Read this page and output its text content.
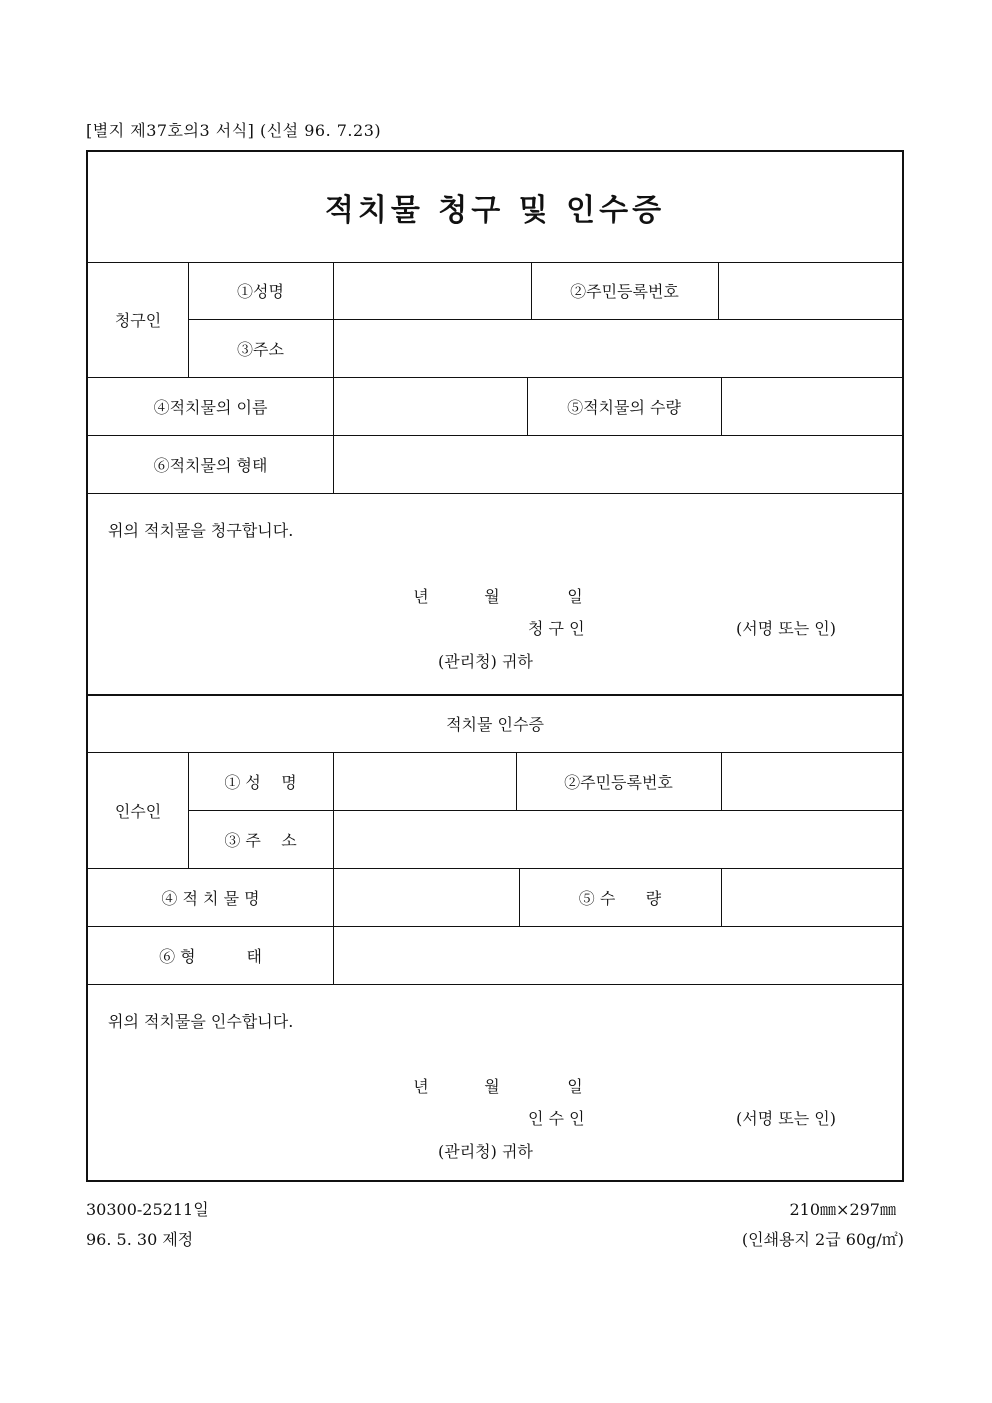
[별지 제37호의3 서식] (신설 96. 7.23)
적치물 청구 및 인수증
청구인
①성명	②주민등록번호
③주소
④적치물의 이름	⑤적치물의 수량
⑥적치물의 형태
위의 적치물을 청구합니다.
년	월	일
청 구 인	(서명 또는 인)
(관리청) 귀하
적치물 인수증
인수인
① 성    명	②주민등록번호
③ 주    소
④ 적 치 물 명	⑤ 수      량
⑥ 형          태
위의 적치물을 인수합니다.
년	월	일
인 수 인	(서명 또는 인)
(관리청) 귀하
30300-25211일
96. 5. 30 제정
210㎜×297㎜
(인쇄용지 2급 60g/㎡)
